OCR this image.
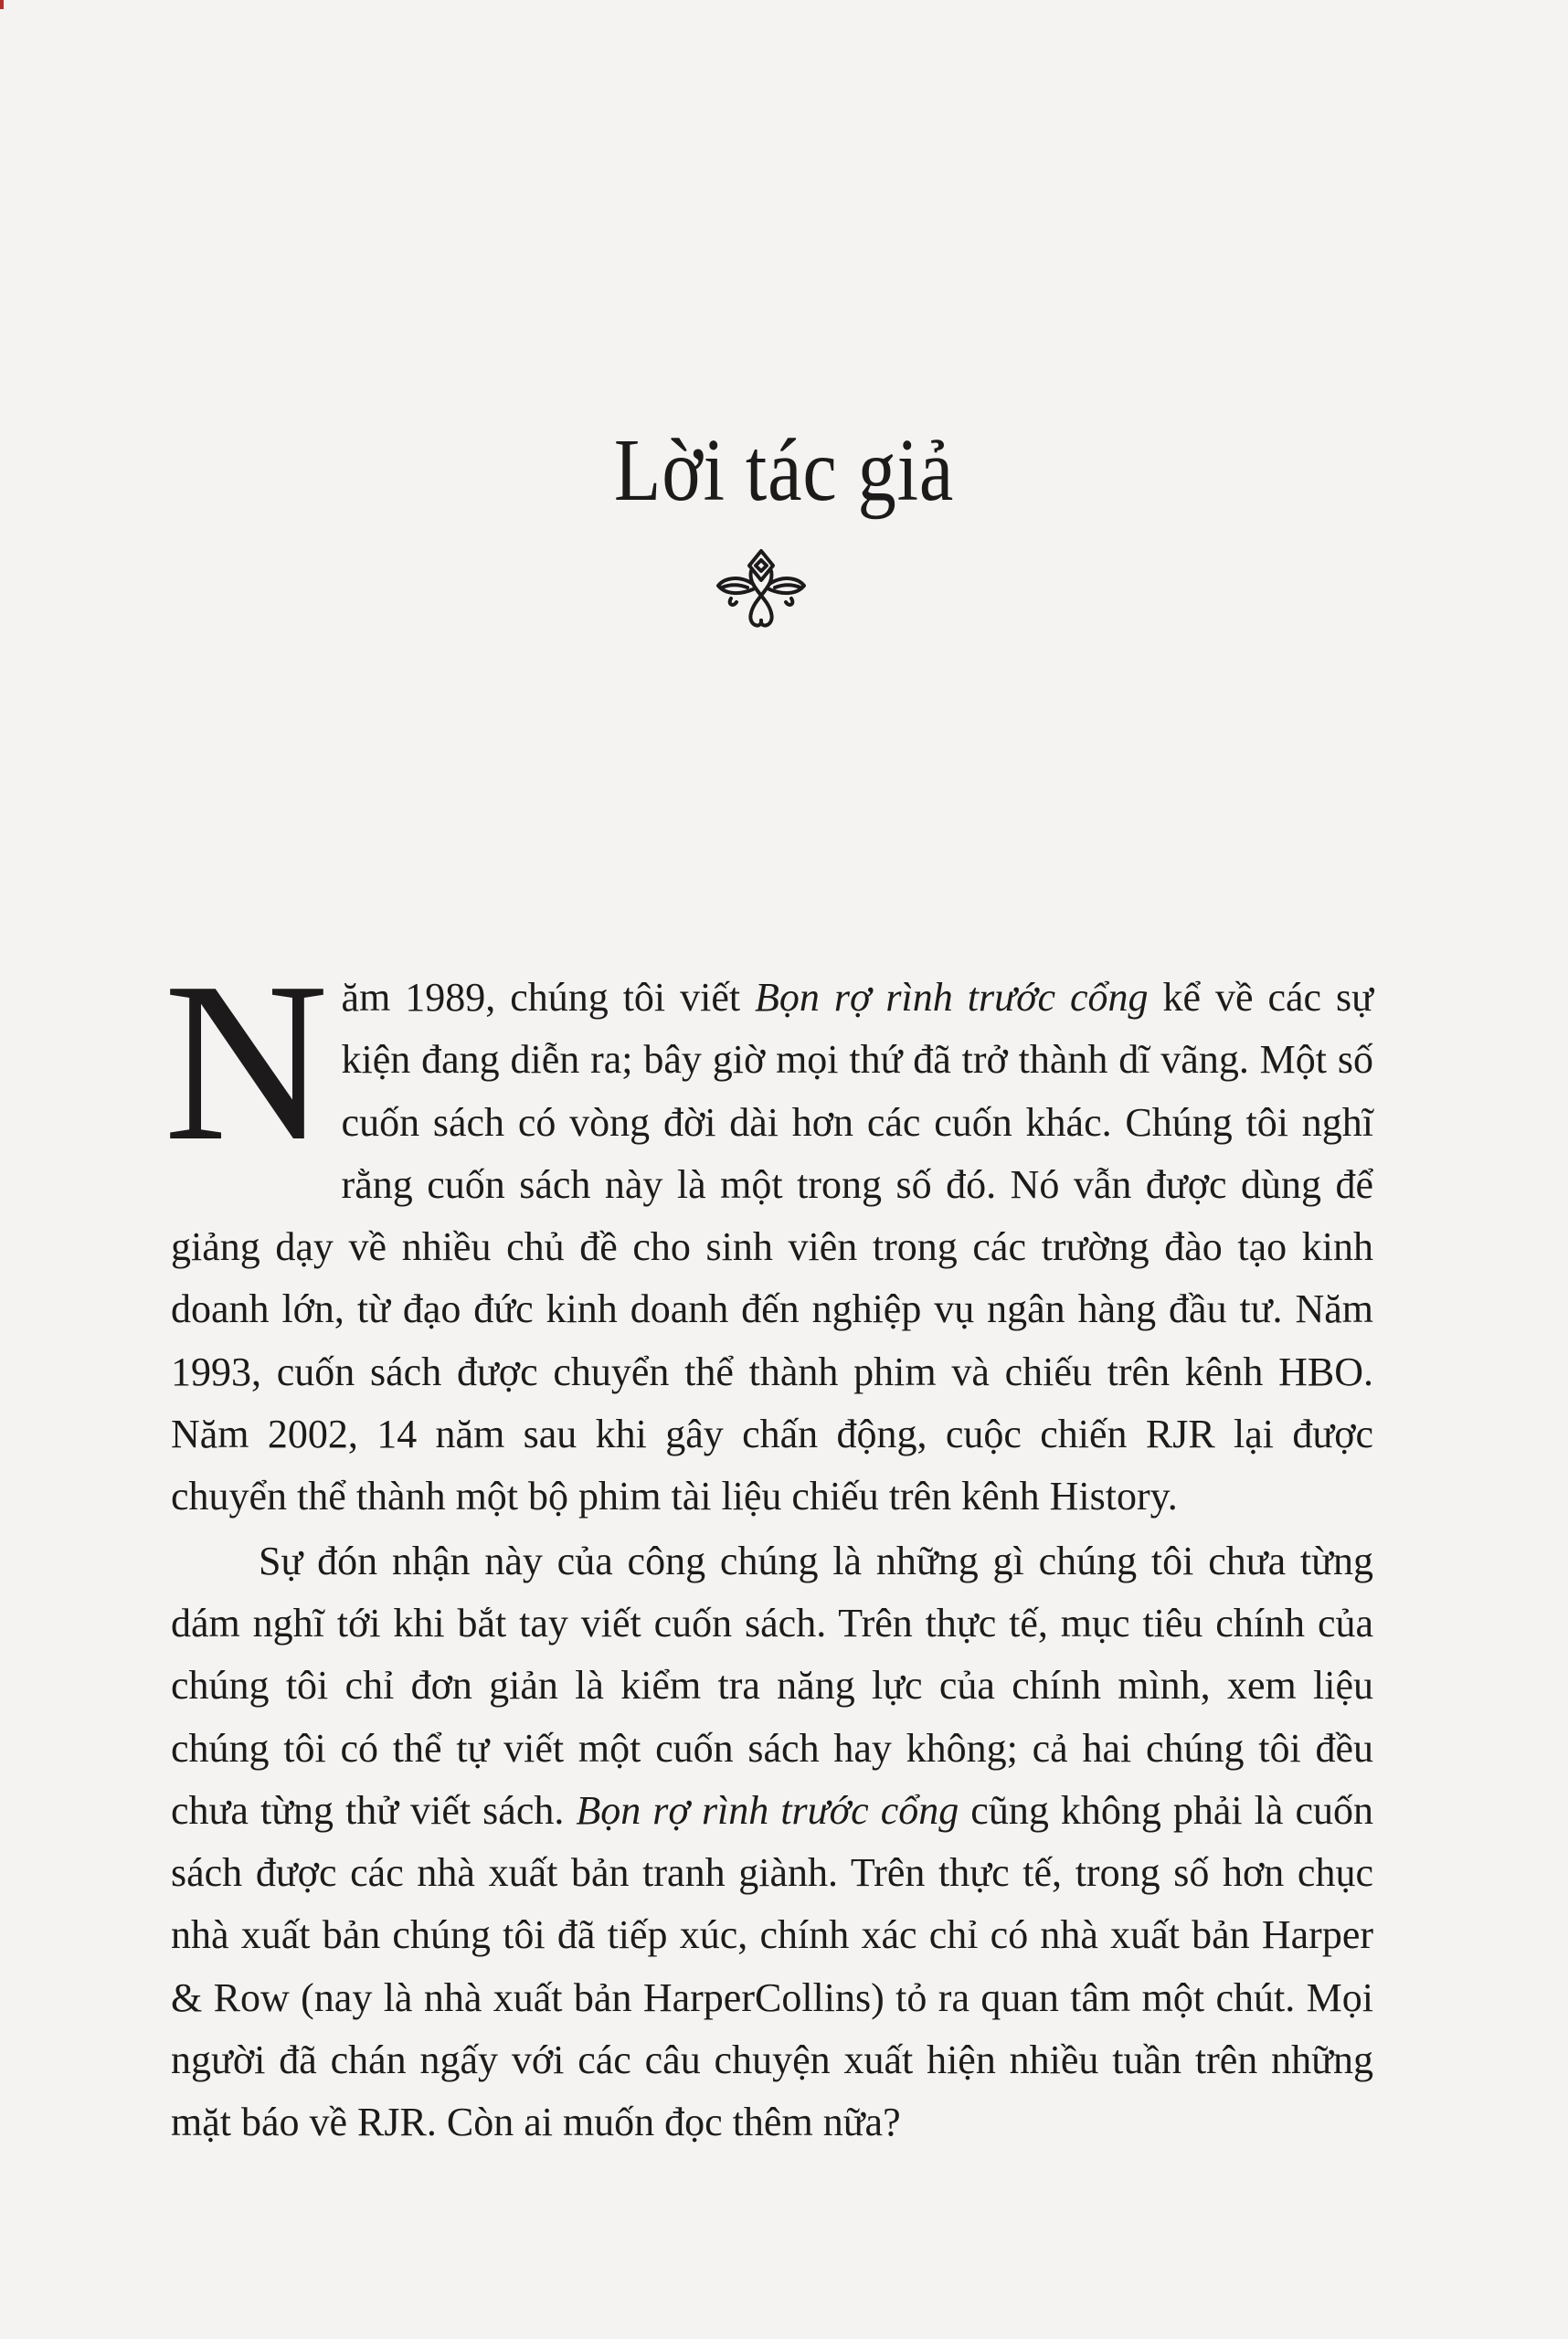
Lời tác giả

Năm 1989, chúng tôi viết Bọn rợ rình trước cổng kể về các sự kiện đang diễn ra; bây giờ mọi thứ đã trở thành dĩ vãng. Một số cuốn sách có vòng đời dài hơn các cuốn khác. Chúng tôi nghĩ rằng cuốn sách này là một trong số đó. Nó vẫn được dùng để giảng dạy về nhiều chủ đề cho sinh viên trong các trường đào tạo kinh doanh lớn, từ đạo đức kinh doanh đến nghiệp vụ ngân hàng đầu tư. Năm 1993, cuốn sách được chuyển thể thành phim và chiếu trên kênh HBO. Năm 2002, 14 năm sau khi gây chấn động, cuộc chiến RJR lại được chuyển thể thành một bộ phim tài liệu chiếu trên kênh History.

Sự đón nhận này của công chúng là những gì chúng tôi chưa từng dám nghĩ tới khi bắt tay viết cuốn sách. Trên thực tế, mục tiêu chính của chúng tôi chỉ đơn giản là kiểm tra năng lực của chính mình, xem liệu chúng tôi có thể tự viết một cuốn sách hay không; cả hai chúng tôi đều chưa từng thử viết sách. Bọn rợ rình trước cổng cũng không phải là cuốn sách được các nhà xuất bản tranh giành. Trên thực tế, trong số hơn chục nhà xuất bản chúng tôi đã tiếp xúc, chính xác chỉ có nhà xuất bản Harper & Row (nay là nhà xuất bản HarperCollins) tỏ ra quan tâm một chút. Mọi người đã chán ngấy với các câu chuyện xuất hiện nhiều tuần trên những mặt báo về RJR. Còn ai muốn đọc thêm nữa?
